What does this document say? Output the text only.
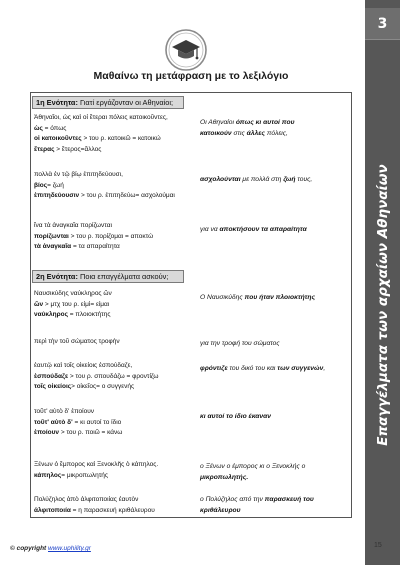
3
Επαγγέλματα των αρχαίων Αθηναίων
Μαθαίνω τη μετάφραση με το λεξιλόγιο
1η Ενότητα: Γιατί εργάζονταν οι Αθηναίοι;
Ἀθηναῖοι, ὡς καὶ οἱ ἕτεραι πόλεις κατοικοῦντες,
ὡς = όπως
οἱ κατοικοῦντες > του ρ. κατοικῶ = κατοικώ
ἕτερας > ἕτερος=ἄλλος
Οι Αθηναίοι όπως κι αυτοί που
κατοικούν στις άλλες πόλεις,
πολλὰ ἐν τῷ βίῳ ἐπιτηδεύουσι,
βίος= ζωή
ἐπιτηδεύουσιν > του ρ. ἐπιτηδεύω= ασχολούμαι
ασχολούνται με πολλά στη ζωή τους,
ἵνα τὰ ἀναγκαῖα πορίζωνται
πορίζωνται > του ρ. πορίζομαι = αποκτώ
τὰ ἀναγκαῖα = τα απαραίτητα
για να αποκτήσουν τα απαραίτητα
2η Ενότητα: Ποια επαγγέλματα ασκούν;
Ναυσικύδης ναύκληρος ὤν
ὤν > μτχ του ρ. εἰμὶ= είμαι
ναύκληρος = πλοιοκτήτης
Ο Ναυσικύδης που ήταν πλοιοκτήτης
περὶ τὴν τοῦ σώματος τροφὴν	για την τροφή του σώματος
ἑαυτῷ καὶ τοῖς οἰκείοις ἐσπούδαζε,
ἐσπούδαζε > του ρ. σπουδάζω = φροντίζω
τοῖς οἰκείοις> οἰκεῖος= ο συγγενής
φρόντιζε του δικό του και των συγγενών,
τοῦτ' αὐτὸ δ' ἐποίουν
τοῦτ' αὐτὸ δ' = κι αυτοί το ίδιο
ἐποίουν > του ρ. ποιῶ = κάνω
κι αυτοί το ίδιο έκαναν
Ξένων ὁ ἔμπορος καὶ Ξενοκλῆς ὁ κάπηλος.
κάπηλος= μικροπωλητής
ο Ξένων ο έμπορος κι ο Ξενοκλής ο
μικροπωλητής.
Πολύζηλος ἀπὸ ἀλφιτοποιίας ἑαυτὸν
ἀλφιτοποιία = η παρασκευή κριθάλευρου
ο Πολύζηλος από την παρασκευή του
κριθάλευρου
© copyright www.uphility.gr	15
